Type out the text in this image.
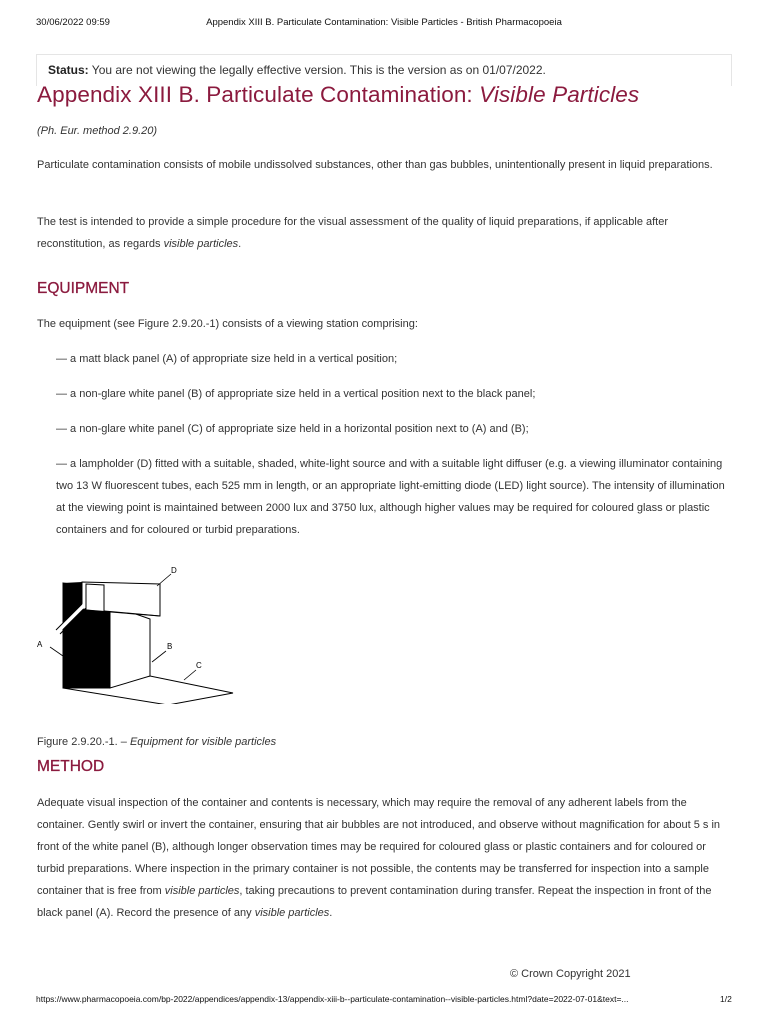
30/06/2022 09:59	Appendix XIII B. Particulate Contamination: Visible Particles - British Pharmacopoeia
Status: You are not viewing the legally effective version. This is the version as on 01/07/2022.
Appendix XIII B. Particulate Contamination: Visible Particles

(Ph. Eur. method 2.9.20)

Particulate contamination consists of mobile undissolved substances, other than gas bubbles, unintentionally present in liquid preparations.

The test is intended to provide a simple procedure for the visual assessment of the quality of liquid preparations, if applicable after reconstitution, as regards visible particles.

EQUIPMENT

The equipment (see Figure 2.9.20.-1) consists of a viewing station comprising:

— a matt black panel (A) of appropriate size held in a vertical position;

— a non-glare white panel (B) of appropriate size held in a vertical position next to the black panel;

— a non-glare white panel (C) of appropriate size held in a horizontal position next to (A) and (B);

— a lampholder (D) fitted with a suitable, shaded, white-light source and with a suitable light diffuser (e.g. a viewing illuminator containing two 13 W fluorescent tubes, each 525 mm in length, or an appropriate light-emitting diode (LED) light source). The intensity of illumination at the viewing point is maintained between 2000 lux and 3750 lux, although higher values may be required for coloured glass or plastic containers and for coloured or turbid preparations.

A	B
C
D

Figure 2.9.20.-1. – Equipment for visible particles

METHOD

Adequate visual inspection of the container and contents is necessary, which may require the removal of any adherent labels from the container. Gently swirl or invert the container, ensuring that air bubbles are not introduced, and observe without magnification for about 5 s in front of the white panel (B), although longer observation times may be required for coloured glass or plastic containers and for coloured or turbid preparations. Where inspection in the primary container is not possible, the contents may be transferred for inspection into a sample container that is free from visible particles, taking precautions to prevent contamination during transfer. Repeat the inspection in front of the black panel (A). Record the presence of any visible particles.

© Crown Copyright 2021

https://www.pharmacopoeia.com/bp-2022/appendices/appendix-13/appendix-xiii-b--particulate-contamination--visible-particles.html?date=2022-07-01&text=...	1/2
